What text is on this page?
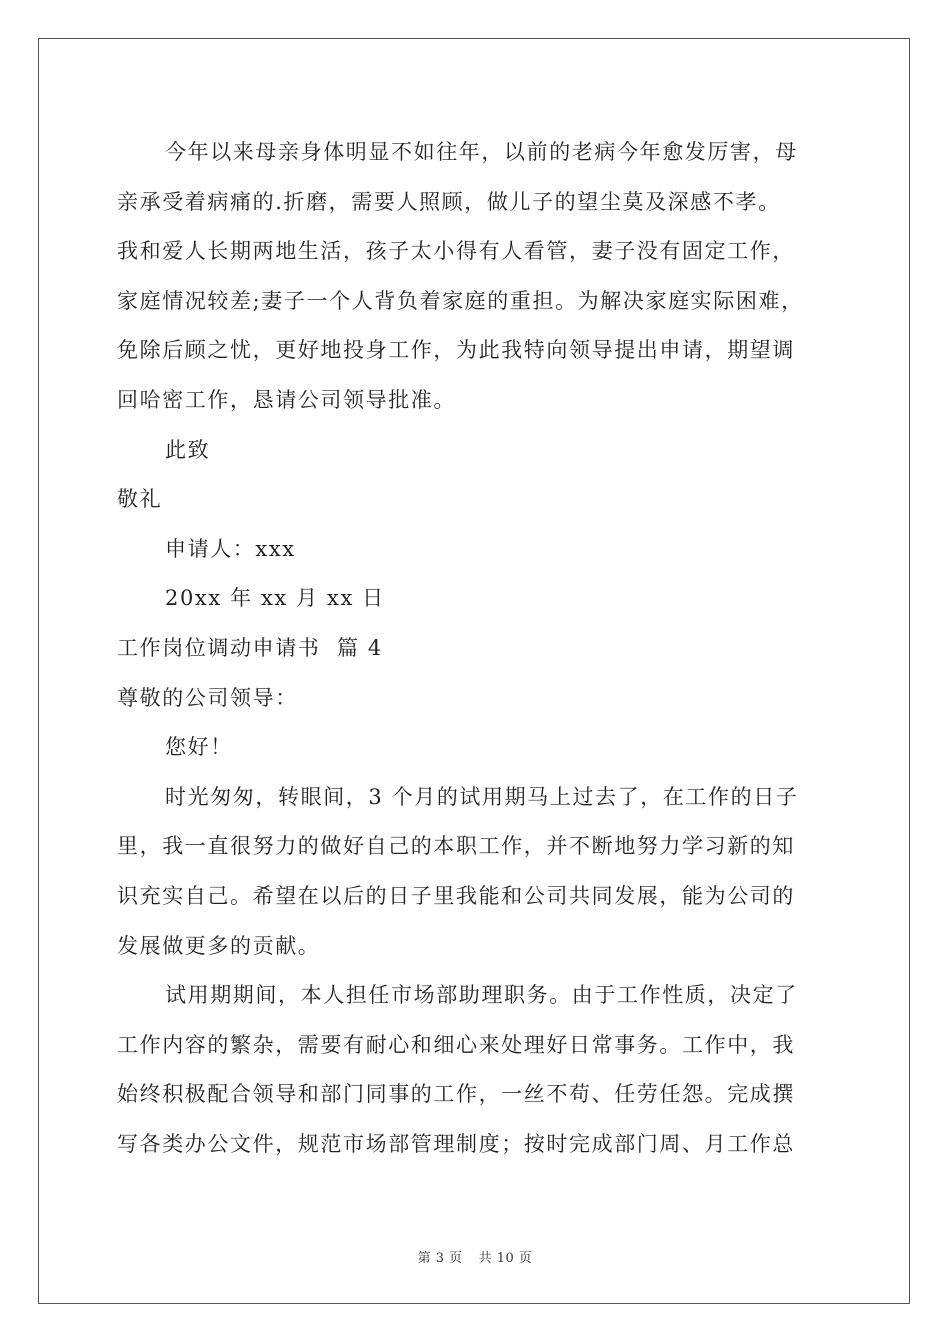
今年以来母亲身体明显不如往年，以前的老病今年愈发厉害，母
亲承受着病痛的.折磨，需要人照顾，做儿子的望尘莫及深感不孝。
我和爱人长期两地生活，孩子太小得有人看管，妻子没有固定工作，
家庭情况较差;妻子一个人背负着家庭的重担。为解决家庭实际困难，
免除后顾之忧，更好地投身工作，为此我特向领导提出申请，期望调
回哈密工作，恳请公司领导批准。
此致
敬礼
申请人：xxx
20xx 年 xx 月 xx 日
工作岗位调动申请书  篇 4
尊敬的公司领导：
您好！
时光匆匆，转眼间，3 个月的试用期马上过去了，在工作的日子
里，我一直很努力的做好自己的本职工作，并不断地努力学习新的知
识充实自己。希望在以后的日子里我能和公司共同发展，能为公司的
发展做更多的贡献。
试用期期间，本人担任市场部助理职务。由于工作性质，决定了
工作内容的繁杂，需要有耐心和细心来处理好日常事务。工作中，我
始终积极配合领导和部门同事的工作，一丝不苟、任劳任怨。完成撰
写各类办公文件，规范市场部管理制度；按时完成部门周、月工作总
第 3 页 共 10 页
